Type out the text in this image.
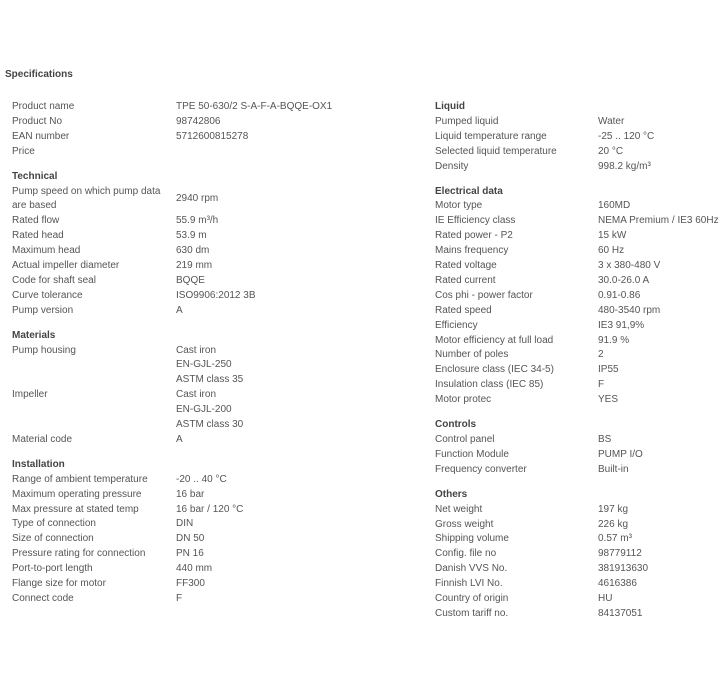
Specifications
Product name	TPE 50-630/2 S-A-F-A-BQQE-OX1
Product No	98742806
EAN number	5712600815278
Price
Technical
Pump speed on which pump data are based
2940 rpm
Rated flow	55.9 m³/h
Rated head	53.9 m
Maximum head	630 dm
Actual impeller diameter	219 mm
Code for shaft seal	BQQE
Curve tolerance	ISO9906:2012 3B
Pump version	A
Materials
Pump housing	Cast iron
EN-GJL-250
ASTM class 35
Impeller	Cast iron
EN-GJL-200
ASTM class 30
Material code	A
Installation
Range of ambient temperature	-20 .. 40 °C
Maximum operating pressure	16 bar
Max pressure at stated temp	16 bar / 120 °C
Type of connection	DIN
Size of connection	DN 50
Pressure rating for connection	PN 16
Port-to-port length	440 mm
Flange size for motor	FF300
Connect code	F
Liquid
Pumped liquid	Water
Liquid temperature range	-25 .. 120 °C
Selected liquid temperature	20 °C
Density	998.2 kg/m³
Electrical data
Motor type	160MD
IE Efficiency class	NEMA Premium / IE3 60Hz
Rated power - P2	15 kW
Mains frequency	60 Hz
Rated voltage	3 x 380-480 V
Rated current	30.0-26.0 A
Cos phi - power factor	0.91-0.86
Rated speed	480-3540 rpm
Efficiency	IE3 91,9%
Motor efficiency at full load	91.9 %
Number of poles	2
Enclosure class (IEC 34-5)	IP55
Insulation class (IEC 85)	F
Motor protec	YES
Controls
Control panel	BS
Function Module	PUMP I/O
Frequency converter	Built-in
Others
Net weight	197 kg
Gross weight	226 kg
Shipping volume	0.57 m³
Config. file no	98779112
Danish VVS No.	381913630
Finnish LVI No.	4616386
Country of origin	HU
Custom tariff no.	84137051
